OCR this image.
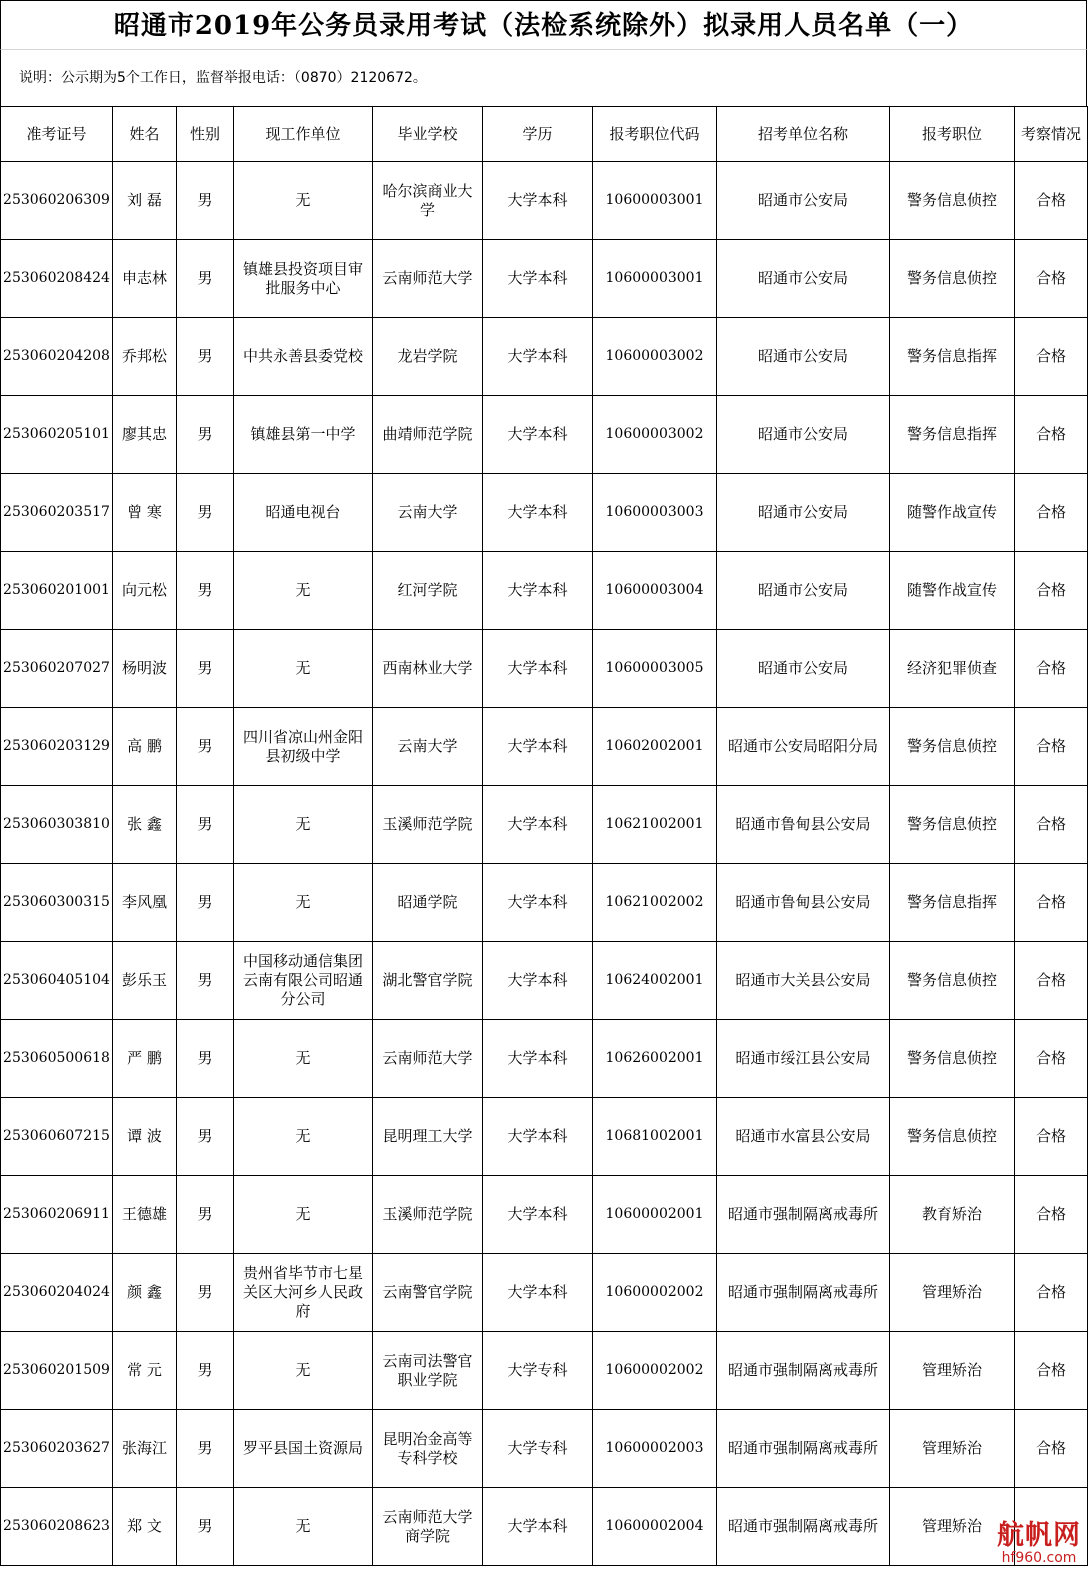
昭通市2019年公务员录用考试（法检系统除外）拟录用人员名单（一）
说明：公示期为5个工作日，监督举报电话：（0870）2120672。
准考证号	姓名	性别	现工作单位	毕业学校	学历	报考职位代码	招考单位名称	报考职位	考察情况
253060206309	刘 磊	男	无	哈尔滨商业大学	大学本科	10600003001	昭通市公安局	警务信息侦控	合格
253060208424	申志林	男	镇雄县投资项目审批服务中心	云南师范大学	大学本科	10600003001	昭通市公安局	警务信息侦控	合格
253060204208	乔邦松	男	中共永善县委党校	龙岩学院	大学本科	10600003002	昭通市公安局	警务信息指挥	合格
253060205101	廖其忠	男	镇雄县第一中学	曲靖师范学院	大学本科	10600003002	昭通市公安局	警务信息指挥	合格
253060203517	曾 寒	男	昭通电视台	云南大学	大学本科	10600003003	昭通市公安局	随警作战宣传	合格
253060201001	向元松	男	无	红河学院	大学本科	10600003004	昭通市公安局	随警作战宣传	合格
253060207027	杨明波	男	无	西南林业大学	大学本科	10600003005	昭通市公安局	经济犯罪侦查	合格
253060203129	高 鹏	男	四川省凉山州金阳县初级中学	云南大学	大学本科	10602002001	昭通市公安局昭阳分局	警务信息侦控	合格
253060303810	张 鑫	男	无	玉溪师范学院	大学本科	10621002001	昭通市鲁甸县公安局	警务信息侦控	合格
253060300315	李风凰	男	无	昭通学院	大学本科	10621002002	昭通市鲁甸县公安局	警务信息指挥	合格
253060405104	彭乐玉	男	中国移动通信集团云南有限公司昭通分公司	湖北警官学院	大学本科	10624002001	昭通市大关县公安局	警务信息侦控	合格
253060500618	严 鹏	男	无	云南师范大学	大学本科	10626002001	昭通市绥江县公安局	警务信息侦控	合格
253060607215	谭 波	男	无	昆明理工大学	大学本科	10681002001	昭通市水富县公安局	警务信息侦控	合格
253060206911	王德雄	男	无	玉溪师范学院	大学本科	10600002001	昭通市强制隔离戒毒所	教育矫治	合格
253060204024	颜 鑫	男	贵州省毕节市七星关区大河乡人民政府	云南警官学院	大学本科	10600002002	昭通市强制隔离戒毒所	管理矫治	合格
253060201509	常 元	男	无	云南司法警官职业学院	大学专科	10600002002	昭通市强制隔离戒毒所	管理矫治	合格
253060203627	张海江	男	罗平县国土资源局	昆明冶金高等专科学校	大学专科	10600002003	昭通市强制隔离戒毒所	管理矫治	合格
253060208623	郑 文	男	无	云南师范大学商学院	大学本科	10600002004	昭通市强制隔离戒毒所	管理矫治	航帆网
hf960.com
